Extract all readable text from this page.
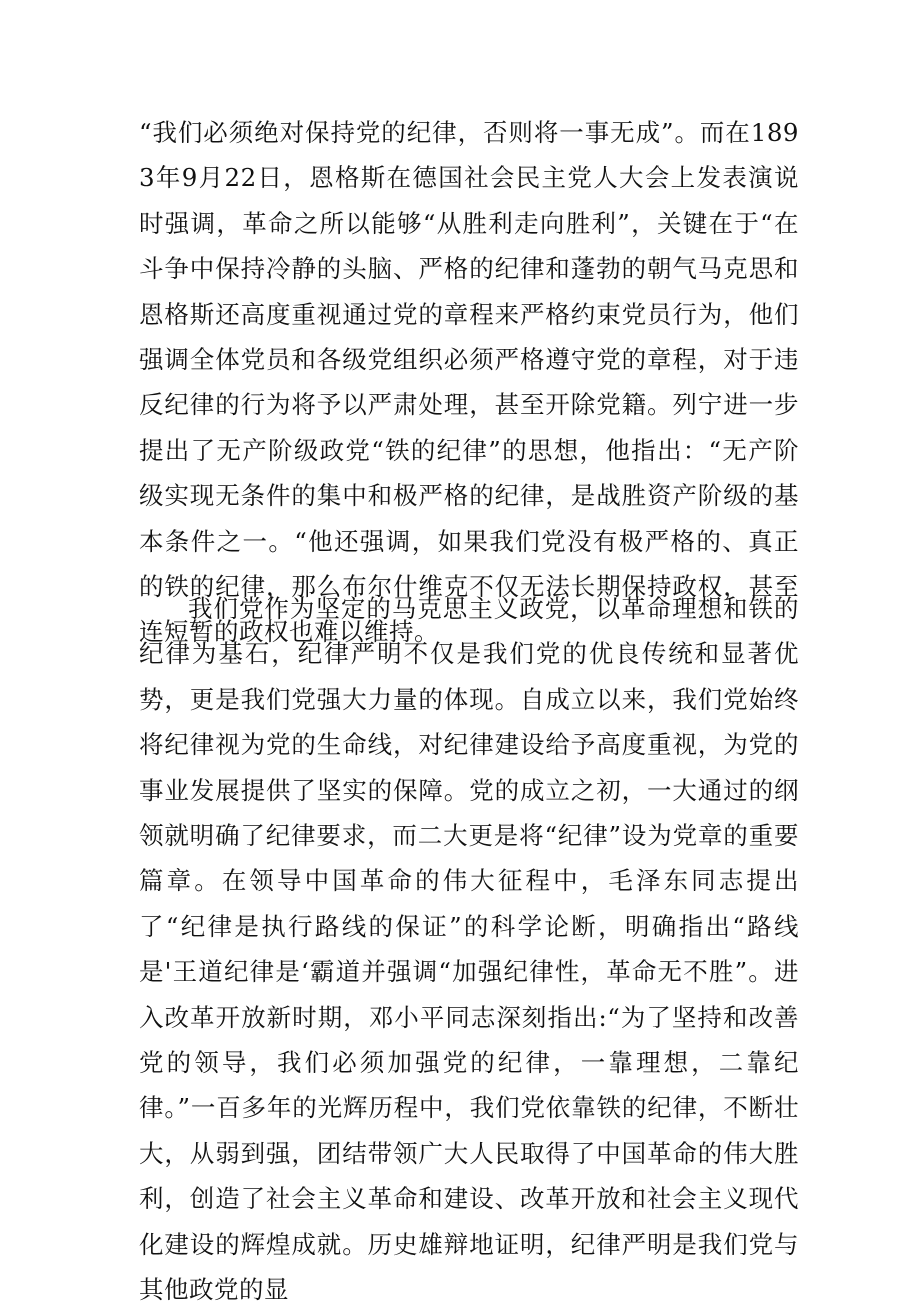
“我们必须绝对保持党的纪律，否则将一事无成”。而在1893年9月22日，恩格斯在德国社会民主党人大会上发表演说时强调，革命之所以能够“从胜利走向胜利”，关键在于“在斗争中保持冷静的头脑、严格的纪律和蓬勃的朝气马克思和恩格斯还高度重视通过党的章程来严格约束党员行为，他们强调全体党员和各级党组织必须严格遵守党的章程，对于违反纪律的行为将予以严肃处理，甚至开除党籍。列宁进一步提出了无产阶级政党“铁的纪律”的思想，他指出：“无产阶级实现无条件的集中和极严格的纪律，是战胜资产阶级的基本条件之一。“他还强调，如果我们党没有极严格的、真正的铁的纪律，那么布尔什维克不仅无法长期保持政权，甚至连短暂的政权也难以维持。

我们党作为坚定的马克思主义政党，以革命理想和铁的纪律为基石，纪律严明不仅是我们党的优良传统和显著优势，更是我们党强大力量的体现。自成立以来，我们党始终将纪律视为党的生命线，对纪律建设给予高度重视，为党的事业发展提供了坚实的保障。党的成立之初，一大通过的纲领就明确了纪律要求，而二大更是将“纪律”设为党章的重要篇章。在领导中国革命的伟大征程中，毛泽东同志提出了“纪律是执行路线的保证”的科学论断，明确指出“路线是'王道纪律是‘霸道并强调“加强纪律性，革命无不胜”。进入改革开放新时期，邓小平同志深刻指出:“为了坚持和改善党的领导，我们必须加强党的纪律，一靠理想，二靠纪律。”一百多年的光辉历程中，我们党依靠铁的纪律，不断壮大，从弱到强，团结带领广大人民取得了中国革命的伟大胜利，创造了社会主义革命和建设、改革开放和社会主义现代化建设的辉煌成就。历史雄辩地证明，纪律严明是我们党与其他政党的显
